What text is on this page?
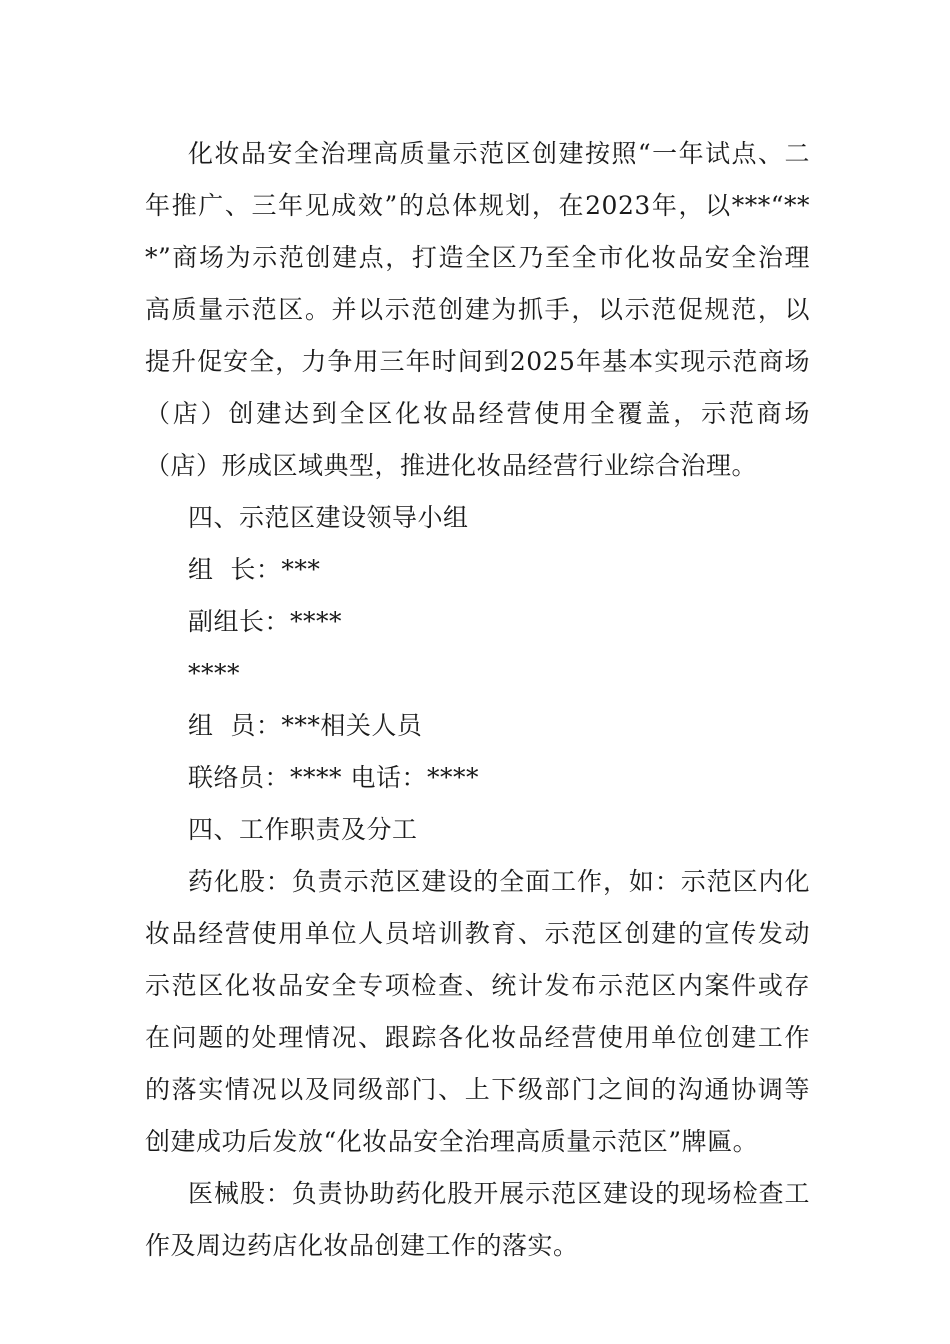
化妆品安全治理高质量示范区创建按照“一年试点、二
年推广、三年见成效”的总体规划，在2023年，以***“**
*”商场为示范创建点，打造全区乃至全市化妆品安全治理
高质量示范区。并以示范创建为抓手，以示范促规范，以
提升促安全，力争用三年时间到2025年基本实现示范商场
（店）创建达到全区化妆品经营使用全覆盖，示范商场
（店）形成区域典型，推进化妆品经营行业综合治理。
四、示范区建设领导小组
组  长：***
副组长：****
****
组  员：***相关人员
联络员：**** 电话：****
四、工作职责及分工
药化股：负责示范区建设的全面工作，如：示范区内化
妆品经营使用单位人员培训教育、示范区创建的宣传发动
示范区化妆品安全专项检查、统计发布示范区内案件或存
在问题的处理情况、跟踪各化妆品经营使用单位创建工作
的落实情况以及同级部门、上下级部门之间的沟通协调等
创建成功后发放“化妆品安全治理高质量示范区”牌匾。
医械股：负责协助药化股开展示范区建设的现场检查工
作及周边药店化妆品创建工作的落实。
